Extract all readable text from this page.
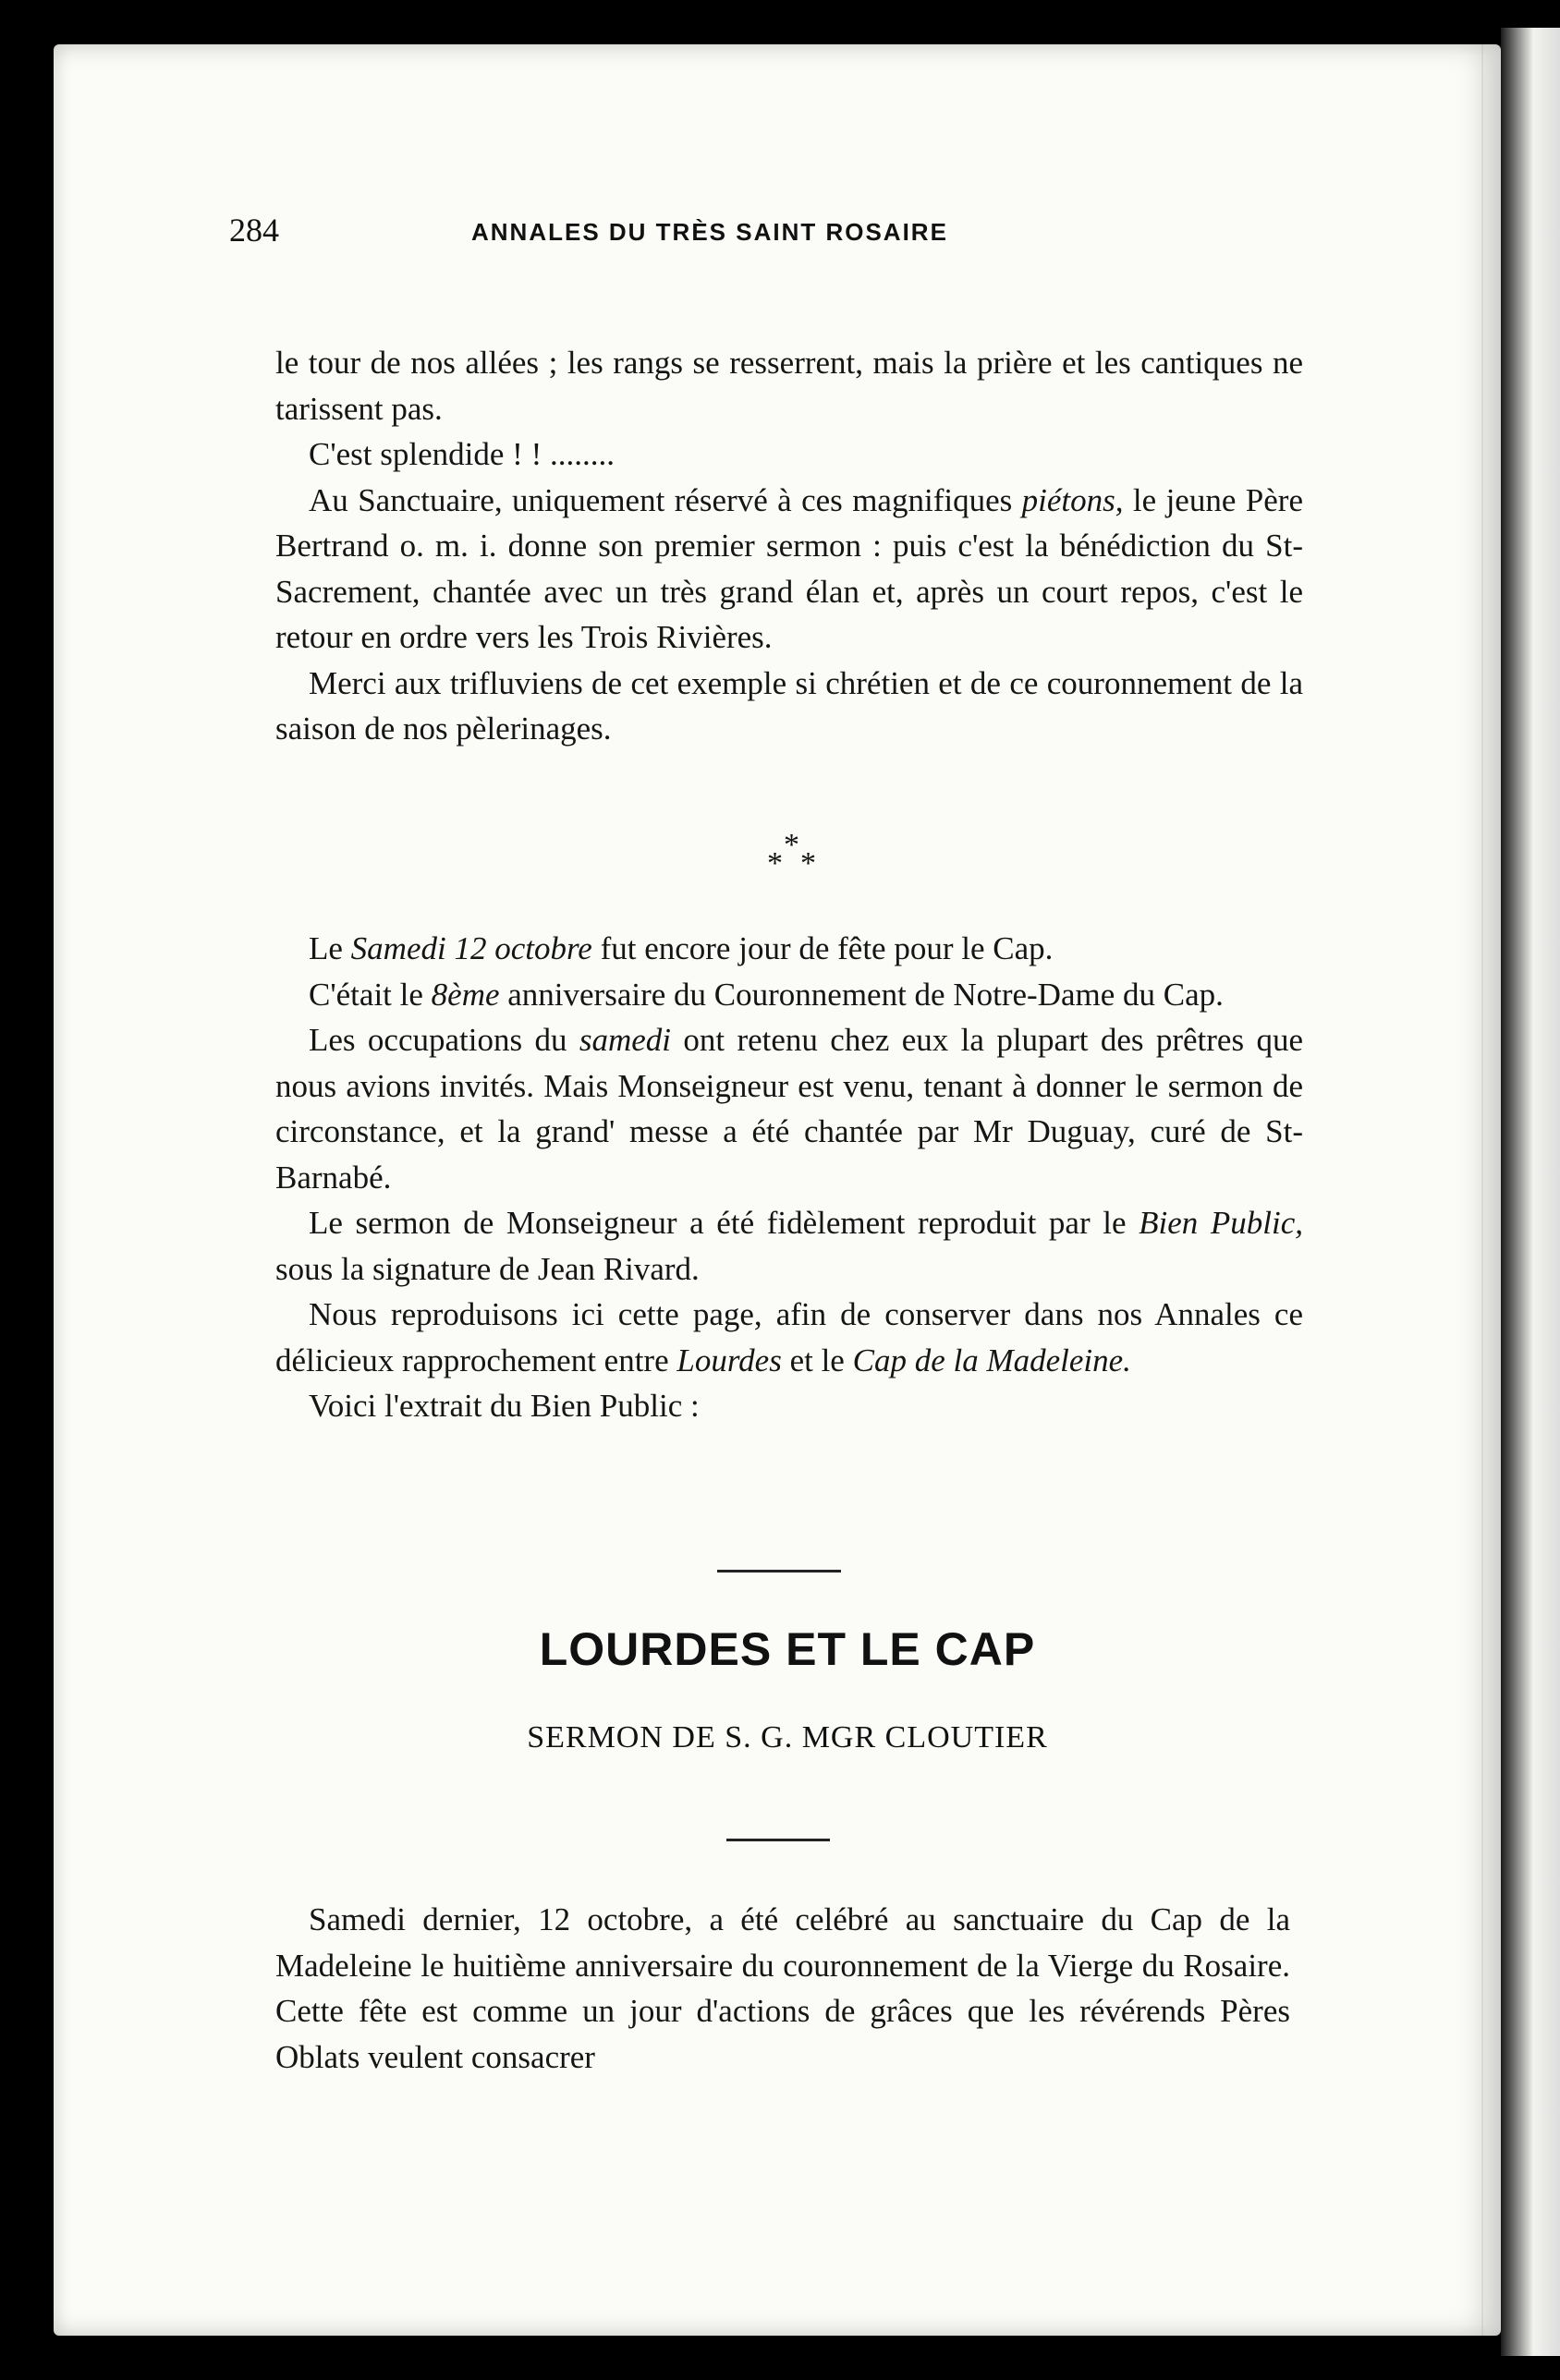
284	ANNALES DU TRÈS SAINT ROSAIRE

le tour de nos allées ; les rangs se resserrent, mais la prière et les cantiques ne tarissent pas.

C'est splendide ! ! ........

Au Sanctuaire, uniquement réservé à ces magnifiques piétons, le jeune Père Bertrand o. m. i. donne son premier sermon : puis c'est la bénédiction du St-Sacrement, chantée avec un très grand élan et, après un court repos, c'est le retour en ordre vers les Trois Rivières.

Merci aux trifluviens de cet exemple si chrétien et de ce couronnement de la saison de nos pèlerinages.

*
* *

Le Samedi 12 octobre fut encore jour de fête pour le Cap.

C'était le 8ème anniversaire du Couronnement de Notre-Dame du Cap.

Les occupations du samedi ont retenu chez eux la plupart des prêtres que nous avions invités. Mais Monseigneur est venu, tenant à donner le sermon de circonstance, et la grand' messe a été chantée par Mr Duguay, curé de St-Barnabé.

Le sermon de Monseigneur a été fidèlement reproduit par le Bien Public, sous la signature de Jean Rivard.

Nous reproduisons ici cette page, afin de conserver dans nos Annales ce délicieux rapprochement entre Lourdes et le Cap de la Madeleine.

Voici l'extrait du Bien Public :

LOURDES ET LE CAP
SERMON DE S. G. MGR CLOUTIER

Samedi dernier, 12 octobre, a été celébré au sanctuaire du Cap de la Madeleine le huitième anniversaire du couronnement de la Vierge du Rosaire. Cette fête est comme un jour d'actions de grâces que les révérends Pères Oblats veulent consacrer
